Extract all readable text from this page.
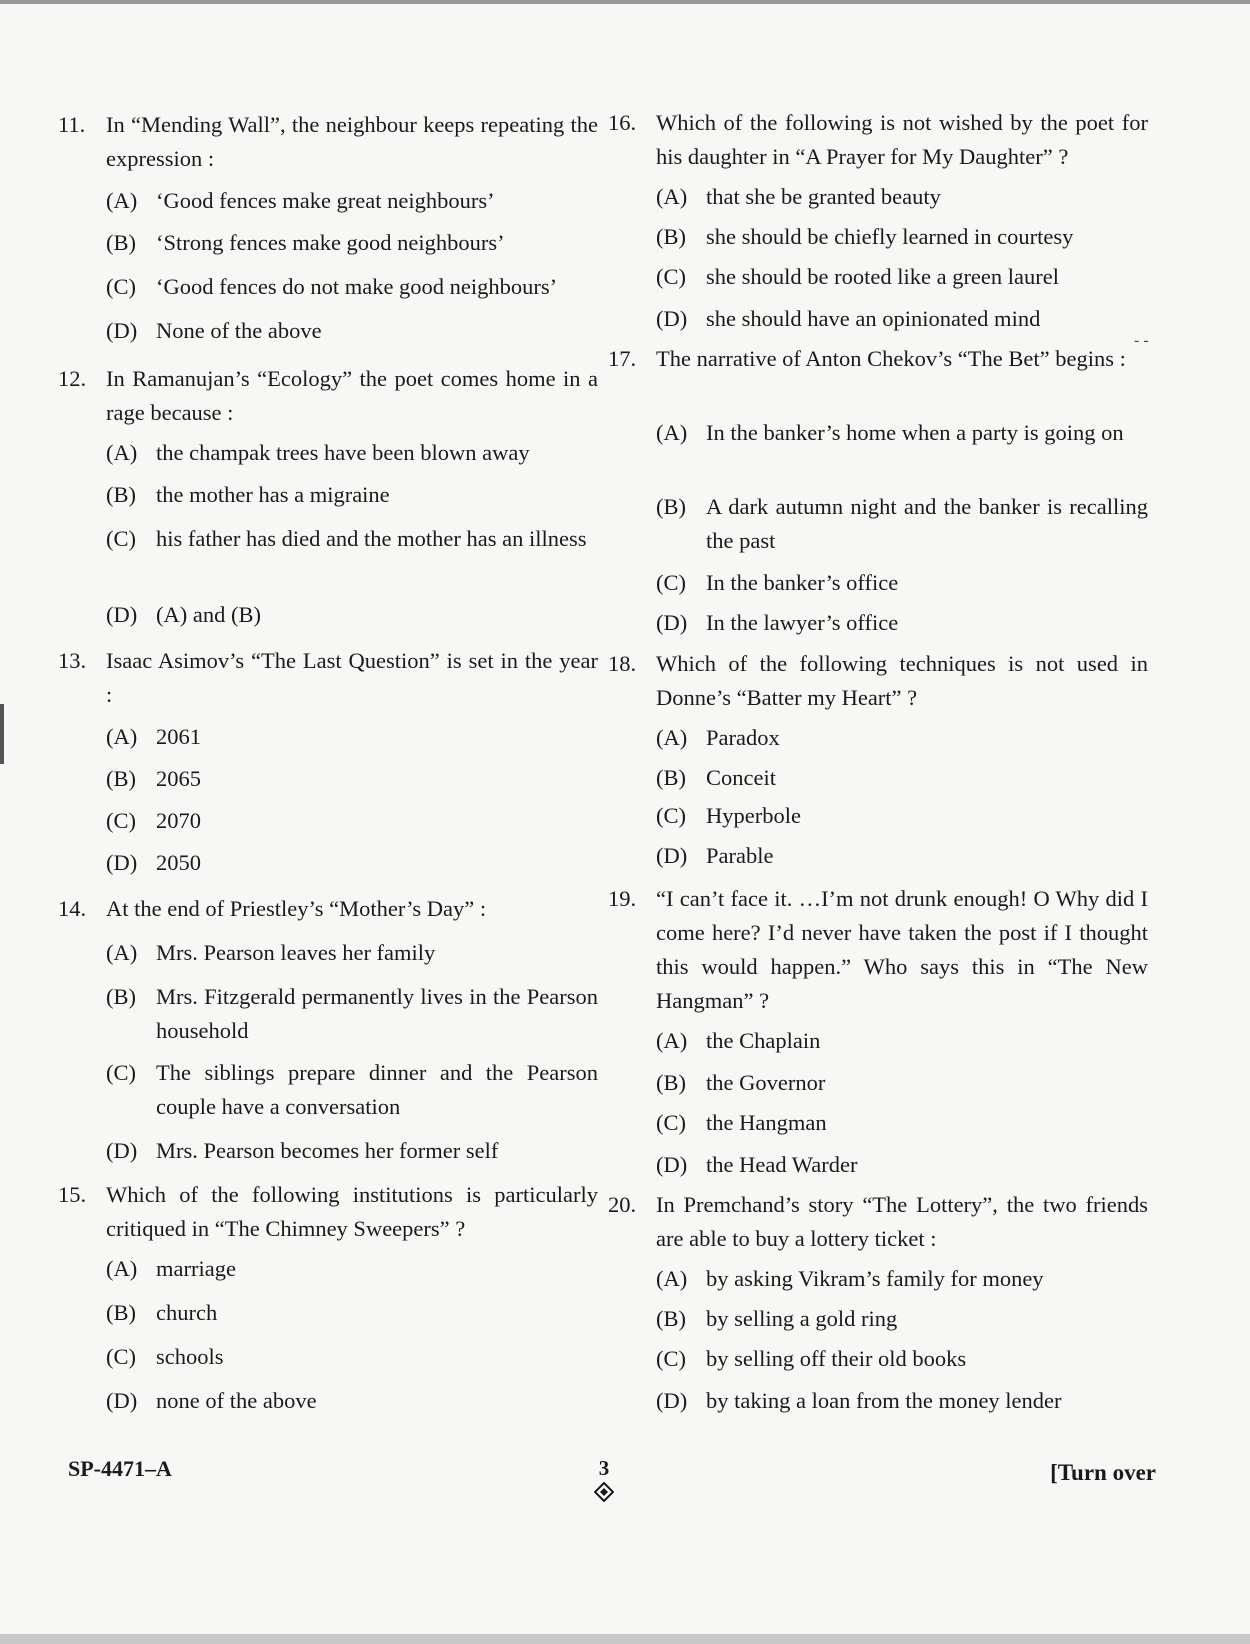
- -
11. In “Mending Wall”, the neighbour keeps repeating the expression :
(A) ‘Good fences make great neighbours’
(B) ‘Strong fences make good neighbours’
(C) ‘Good fences do not make good neighbours’
(D) None of the above
12. In Ramanujan’s “Ecology” the poet comes home in a rage because :
(A) the champak trees have been blown away
(B) the mother has a migraine
(C) his father has died and the mother has an illness
(D) (A) and (B)
13. Isaac Asimov’s “The Last Question” is set in the year :
(A) 2061
(B) 2065
(C) 2070
(D) 2050
14. At the end of Priestley’s “Mother’s Day” :
(A) Mrs. Pearson leaves her family
(B) Mrs. Fitzgerald permanently lives in the Pearson household
(C) The siblings prepare dinner and the Pearson couple have a conversation
(D) Mrs. Pearson becomes her former self
15. Which of the following institutions is particularly critiqued in “The Chimney Sweepers” ?
(A) marriage
(B) church
(C) schools
(D) none of the above
16. Which of the following is not wished by the poet for his daughter in “A Prayer for My Daughter” ?
(A) that she be granted beauty
(B) she should be chiefly learned in courtesy
(C) she should be rooted like a green laurel
(D) she should have an opinionated mind
17. The narrative of Anton Chekov’s “The Bet” begins :
(A) In the banker’s home when a party is going on
(B) A dark autumn night and the banker is recalling the past
(C) In the banker’s office
(D) In the lawyer’s office
18. Which of the following techniques is not used in Donne’s “Batter my Heart” ?
(A) Paradox
(B) Conceit
(C) Hyperbole
(D) Parable
19. “I can’t face it. …I’m not drunk enough! O Why did I come here? I’d never have taken the post if I thought this would happen.” Who says this in “The New Hangman” ?
(A) the Chaplain
(B) the Governor
(C) the Hangman
(D) the Head Warder
20. In Premchand’s story “The Lottery”, the two friends are able to buy a lottery ticket :
(A) by asking Vikram’s family for money
(B) by selling a gold ring
(C) by selling off their old books
(D) by taking a loan from the money lender
SP-4471–A	3	[Turn over
